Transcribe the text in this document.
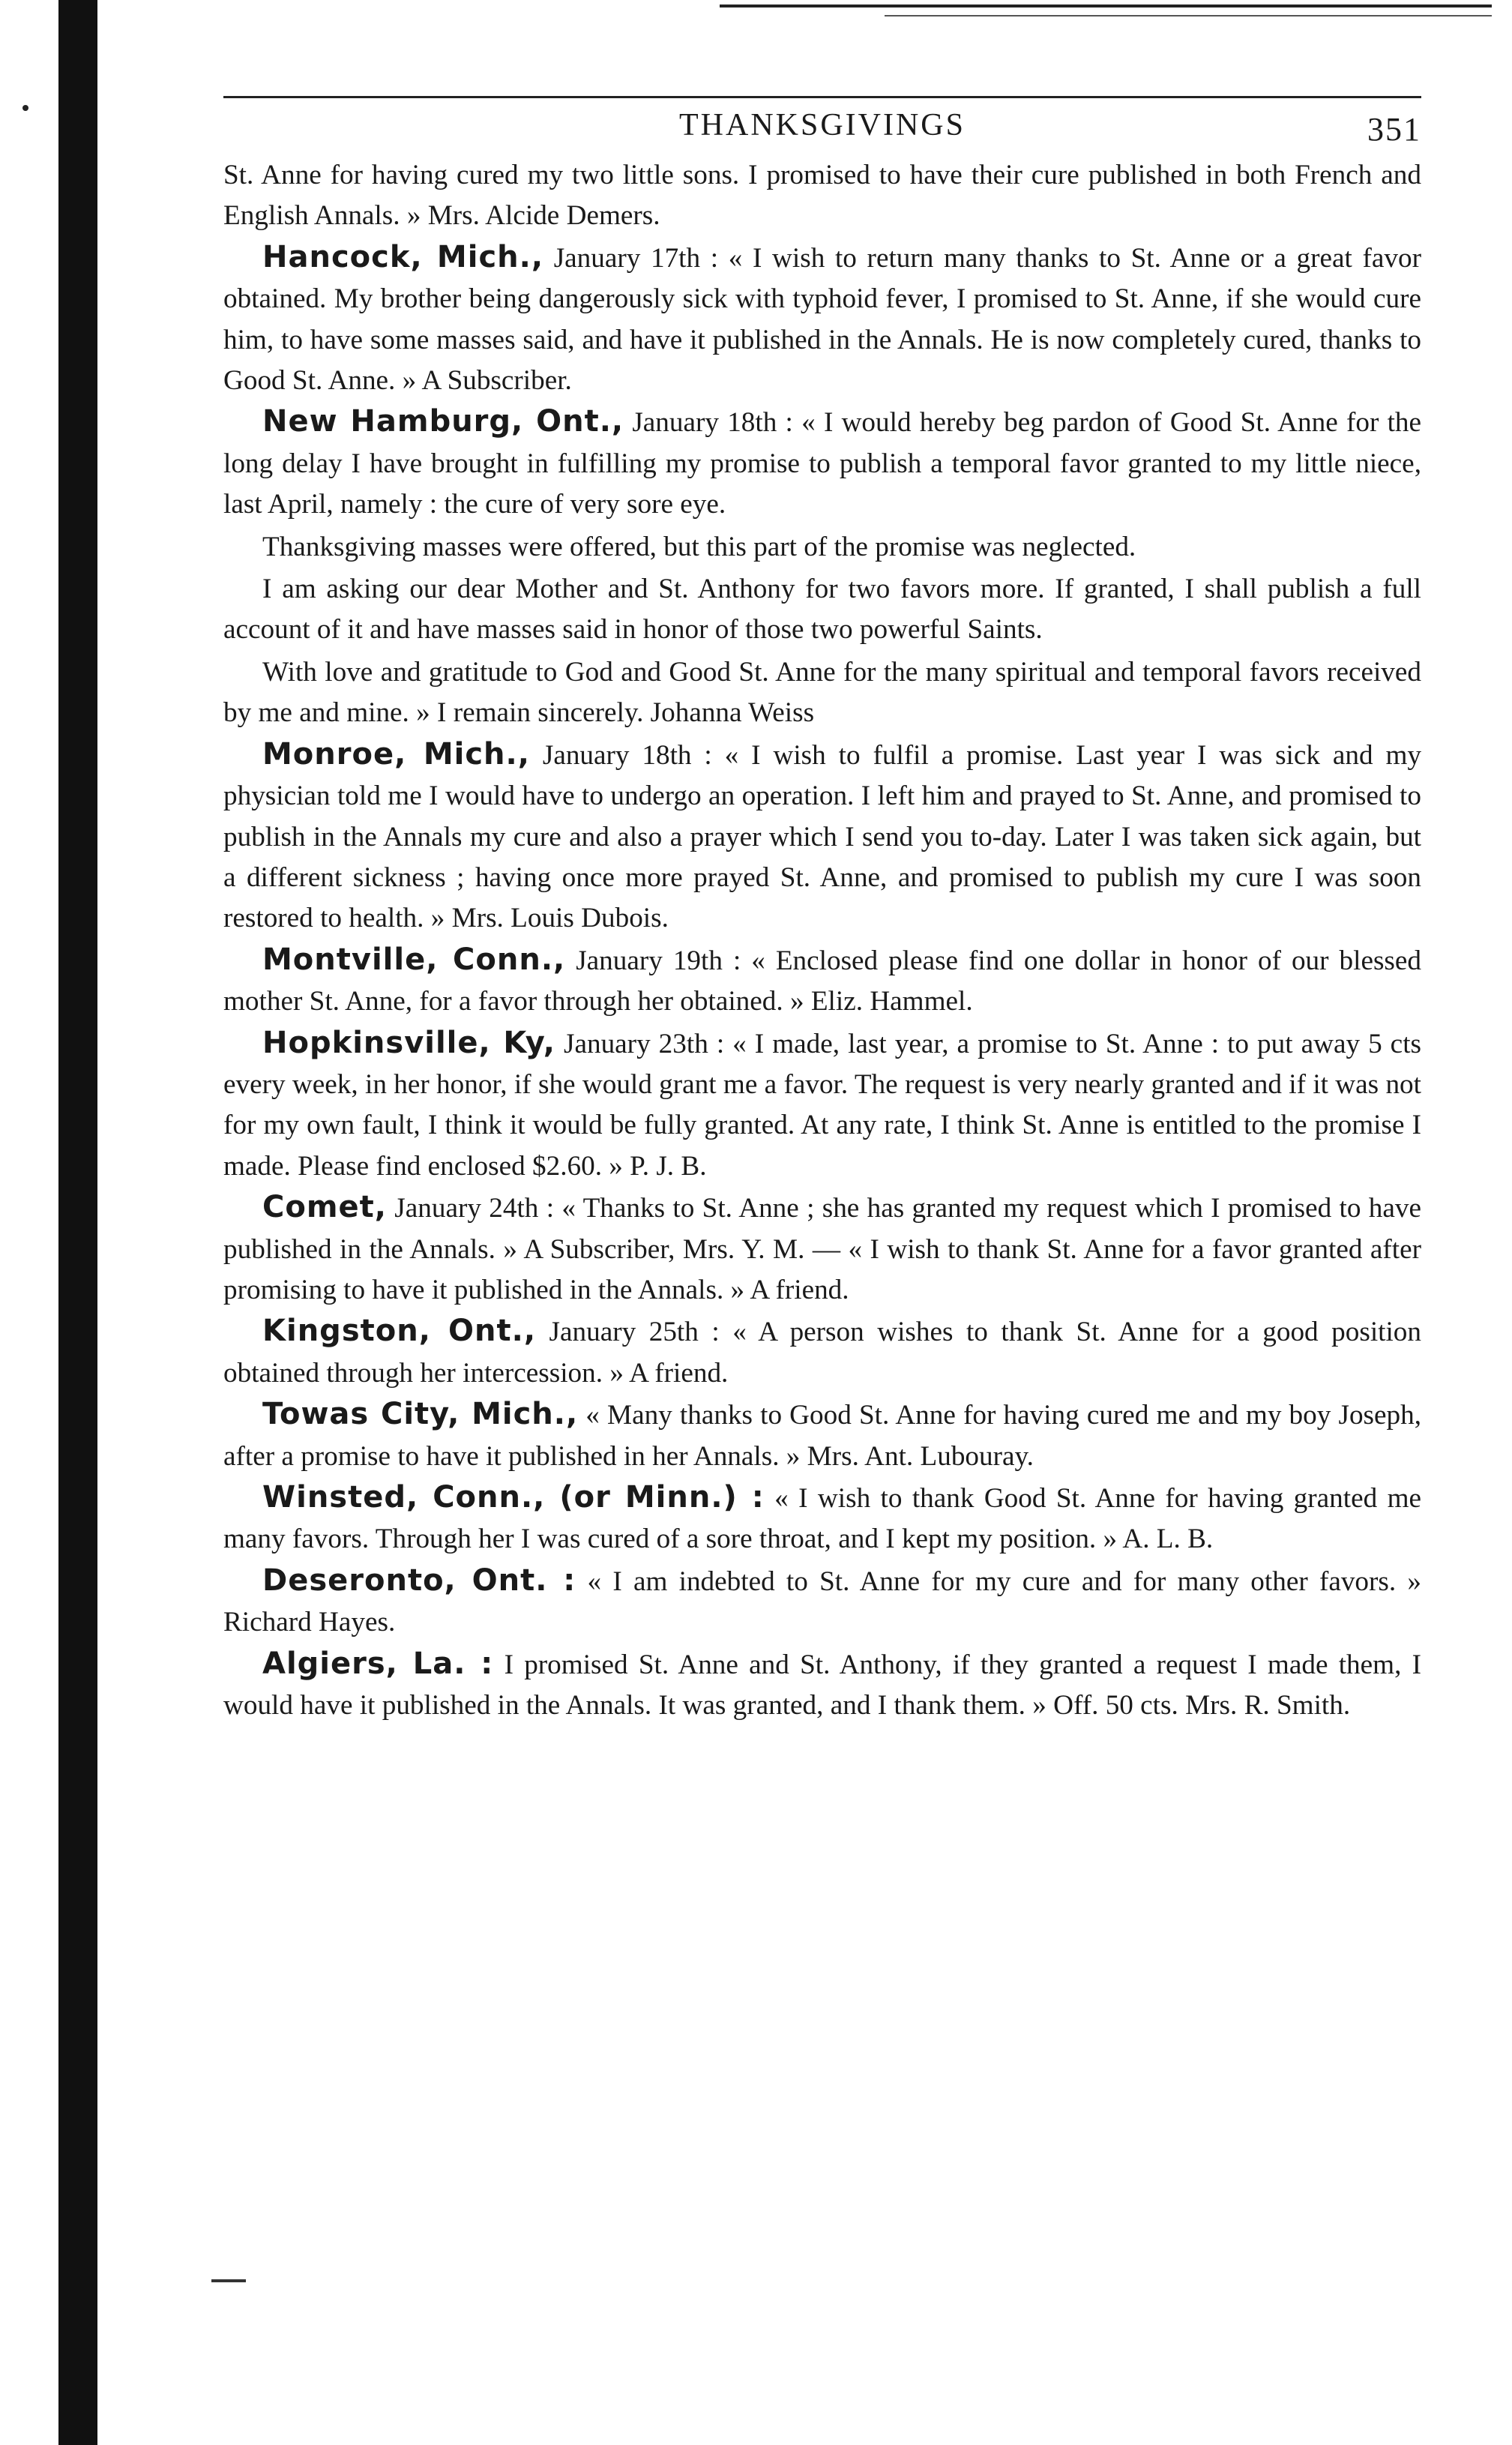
THANKSGIVINGS	351

St. Anne for having cured my two little sons. I promised to have their cure published in both French and English Annals. » Mrs. Alcide Demers.

Hancock, Mich., January 17th : « I wish to return many thanks to St. Anne or a great favor obtained. My brother being dangerously sick with typhoid fever, I promised to St. Anne, if she would cure him, to have some masses said, and have it published in the Annals. He is now completely cured, thanks to Good St. Anne. » A Subscriber.

New Hamburg, Ont., January 18th : « I would hereby beg pardon of Good St. Anne for the long delay I have brought in fulfilling my promise to publish a temporal favor granted to my little niece, last April, namely : the cure of very sore eye.

Thanksgiving masses were offered, but this part of the promise was neglected.

I am asking our dear Mother and St. Anthony for two favors more. If granted, I shall publish a full account of it and have masses said in honor of those two powerful Saints.

With love and gratitude to God and Good St. Anne for the many spiritual and temporal favors received by me and mine. » I remain sincerely. Johanna Weiss

Monroe, Mich., January 18th : « I wish to fulfil a promise. Last year I was sick and my physician told me I would have to undergo an operation. I left him and prayed to St. Anne, and promised to publish in the Annals my cure and also a prayer which I send you to-day. Later I was taken sick again, but a different sickness ; having once more prayed St. Anne, and promised to publish my cure I was soon restored to health. » Mrs. Louis Dubois.

Montville, Conn., January 19th : « Enclosed please find one dollar in honor of our blessed mother St. Anne, for a favor through her obtained. » Eliz. Hammel.

Hopkinsville, Ky, January 23th : « I made, last year, a promise to St. Anne : to put away 5 cts every week, in her honor, if she would grant me a favor. The request is very nearly granted and if it was not for my own fault, I think it would be fully granted. At any rate, I think St. Anne is entitled to the promise I made. Please find enclosed $2.60. » P. J. B.

Comet, January 24th : « Thanks to St. Anne ; she has granted my request which I promised to have published in the Annals. » A Subscriber, Mrs. Y. M. — « I wish to thank St. Anne for a favor granted after promising to have it published in the Annals. » A friend.

Kingston, Ont., January 25th : « A person wishes to thank St. Anne for a good position obtained through her intercession. » A friend.

Towas City, Mich., « Many thanks to Good St. Anne for having cured me and my boy Joseph, after a promise to have it published in her Annals. » Mrs. Ant. Lubouray.

Winsted, Conn., (or Minn.) : « I wish to thank Good St. Anne for having granted me many favors. Through her I was cured of a sore throat, and I kept my position. » A. L. B.

Deseronto, Ont. : « I am indebted to St. Anne for my cure and for many other favors. » Richard Hayes.

Algiers, La. : I promised St. Anne and St. Anthony, if they granted a request I made them, I would have it published in the Annals. It was granted, and I thank them. » Off. 50 cts. Mrs. R. Smith.
